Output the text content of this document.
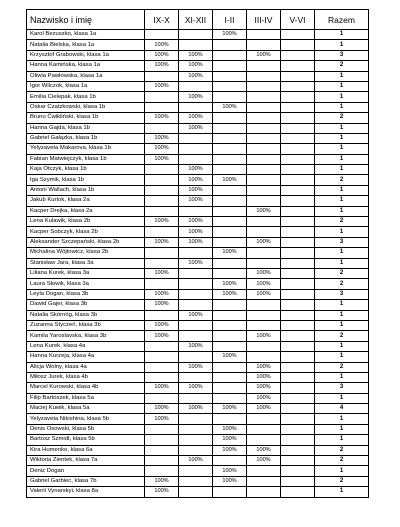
Nazwisko i imię	IX-X	XI-XII	I-II	III-IV	V-VI	Razem
Karol Bezuszko, klasa 1a			100%			1
Natalia Bielska, klasa 1a	100%					1
Krzysztof Grabowski, klasa 1a	100%	100%		100%		3
Hanna Kamińska, klasa 1a	100%	100%				2
Oliwia Pawłowska, klasa 1a		100%				1
Igor Wilczok, klasa 1a	100%					1
Emilia Cielepak, klasa 1b		100%				1
Oskar Czatzkowski, klasa 1b			100%			1
Bruno Ćwikliński, klasa 1b	100%	100%				2
Hanna Gajda, klasa 1b		100%				1
Gabriel Gałązka, klasa 1b	100%					1
Yelyzaveta Makarova, klasa 1b	100%					1
Fabian Matwiejczyk, klasa 1b	100%					1
Kaja Otczyk, klasa 1b		100%				1
Iga Szymik, klasa 1b		100%	100%			2
Antoni Wallach, klasa 1b		100%				1
Jakub Kurtok, klasa 2a		100%				1
Kacper Drejka, klasa 2a				100%		1
Lena Kulawik, klasa 2b	100%	100%				2
Kacper Sobczyk, klasa 2b		100%				1
Aleksander Szczepański, klasa 2b	100%	100%		100%		3
Michalina Wójtowicz, klasa 2b			100%			1
Stanisław Jara, klasa 3a		100%				1
Liliana Kurek, klasa 3a	100%			100%		2
Laura Słowik, klasa 3a			100%	100%		2
Leyla Dogan, klasa 3b	100%		100%	100%		3
Dawid Gajer, klasa 3b	100%					1
Natalia Skórnóg, klasa 3b		100%				1
Zuzanna Styczeń, klasa 3b	100%					1
Kamila Yaroslavska, klasa 3b	100%			100%		2
Lena Kurek, klasa 4a		100%				1
Hanna Kurzeja, klasa 4a			100%			1
Alicja Wolny, klasa 4a		100%		100%		2
Miłosz Jurek, klasa 4b				100%		1
Marcel Kurowski, klasa 4b	100%	100%		100%		3
Filip Bartoszek, klasa 5a				100%		1
Maciej Kuwik, klasa 5a	100%	100%	100%	100%		4
Yelyzaveta Nikishina, klasa 5b	100%					1
Denis Osowski, klasa 5b			100%			1
Bartosz Szmidt, klasa 5b			100%			1
Kira Humenko, klasa 6a			100%	100%		2
Wiktoria Zientek, klasa 7a		100%		100%		2
Deniz Dogan			100%			1
Gabriel Garbiec, klasa 7b	100%		100%			2
Valerii Vynarskyi, klasa 8a	100%					1
